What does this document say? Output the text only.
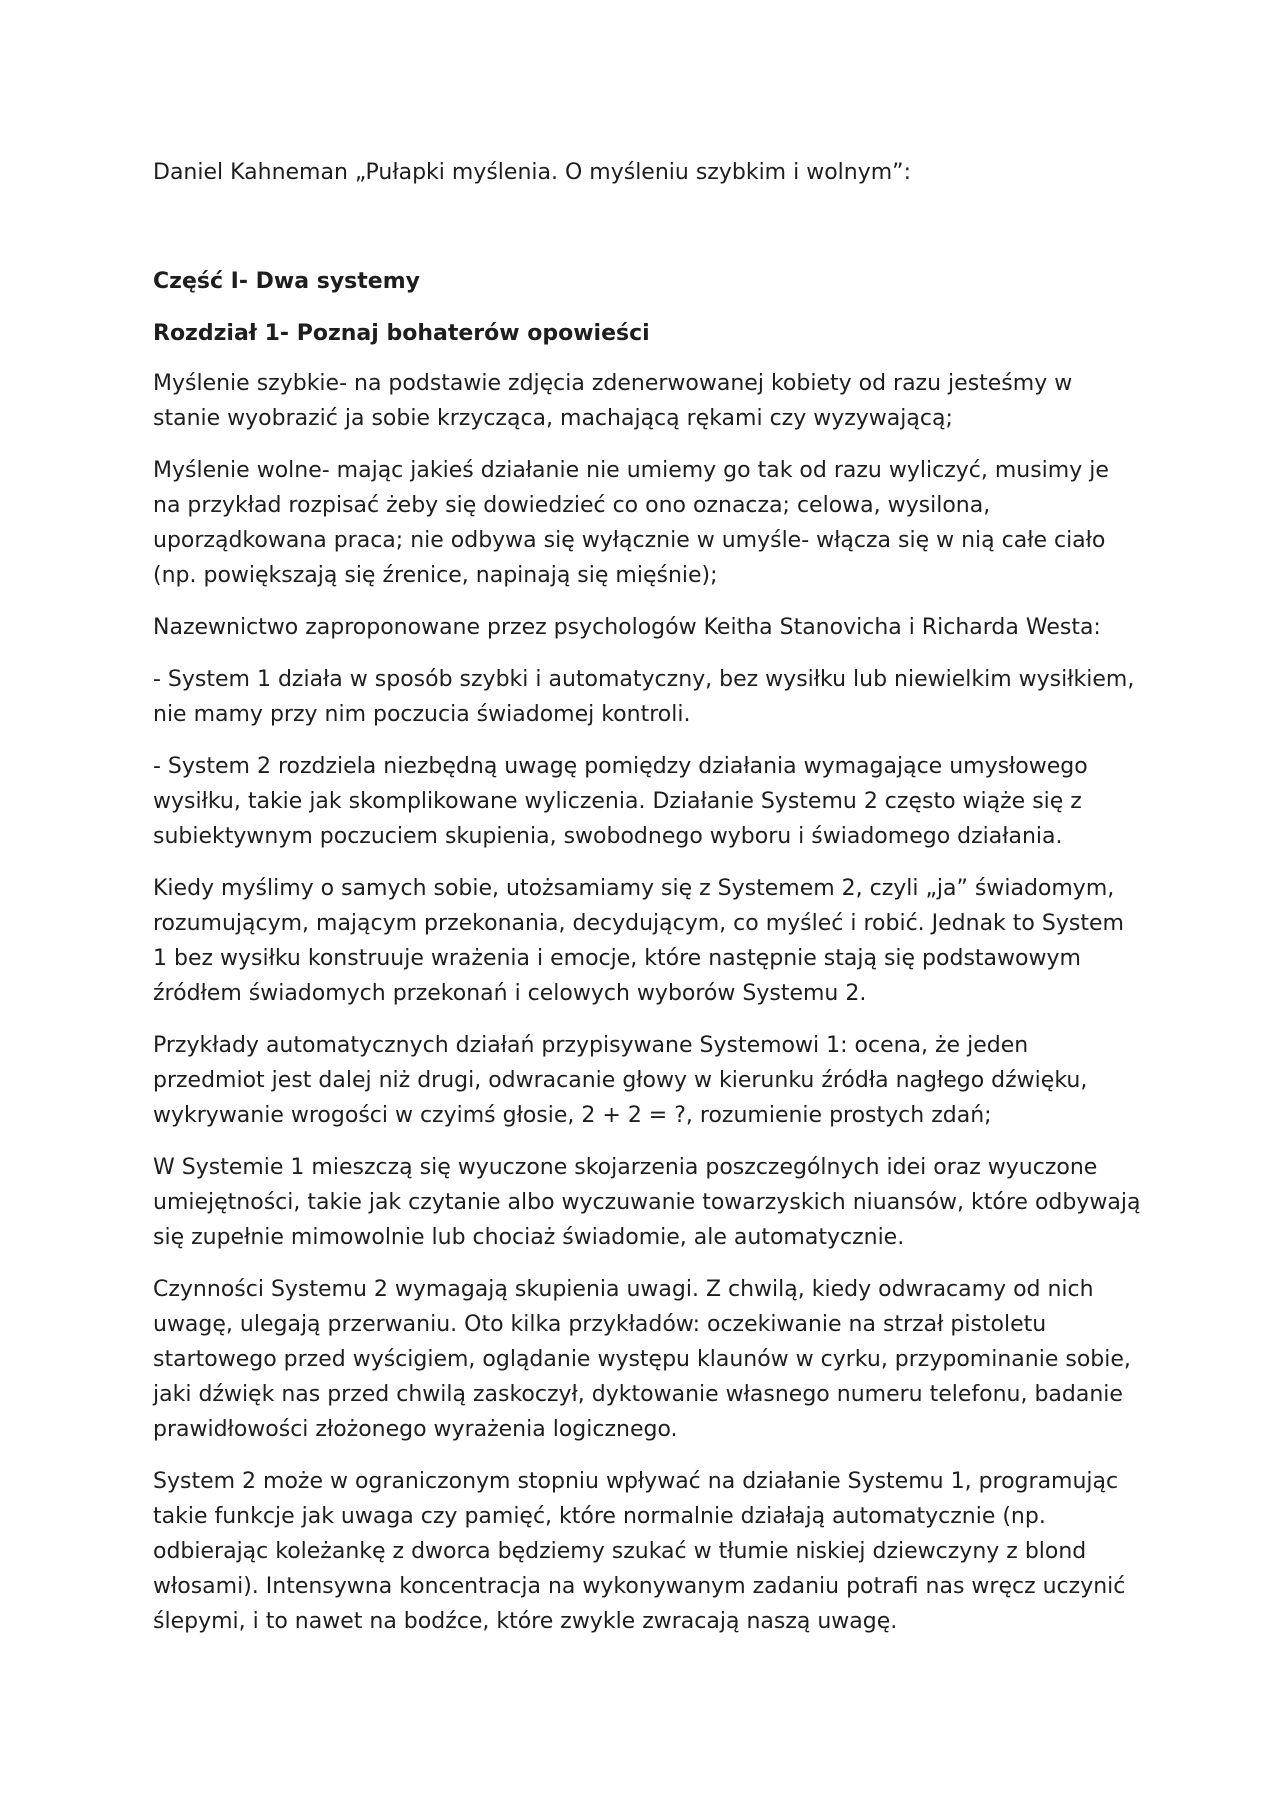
Daniel Kahneman „Pułapki myślenia. O myśleniu szybkim i wolnym”:

Część I- Dwa systemy

Rozdział 1- Poznaj bohaterów opowieści

Myślenie szybkie- na podstawie zdjęcia zdenerwowanej kobiety od razu jesteśmy w stanie wyobrazić ja sobie krzycząca, machającą rękami czy wyzywającą;

Myślenie wolne- mając jakieś działanie nie umiemy go tak od razu wyliczyć, musimy je na przykład rozpisać żeby się dowiedzieć co ono oznacza; celowa, wysilona, uporządkowana praca; nie odbywa się wyłącznie w umyśle- włącza się w nią całe ciało (np. powiększają się źrenice, napinają się mięśnie);

Nazewnictwo zaproponowane przez psychologów Keitha Stanovicha i Richarda Westa:

- System 1 działa w sposób szybki i automatyczny, bez wysiłku lub niewielkim wysiłkiem, nie mamy przy nim poczucia świadomej kontroli.

- System 2 rozdziela niezbędną uwagę pomiędzy działania wymagające umysłowego wysiłku, takie jak skomplikowane wyliczenia. Działanie Systemu 2 często wiąże się z subiektywnym poczuciem skupienia, swobodnego wyboru i świadomego działania.

Kiedy myślimy o samych sobie, utożsamiamy się z Systemem 2, czyli „ja” świadomym, rozumującym, mającym przekonania, decydującym, co myśleć i robić. Jednak to System 1 bez wysiłku konstruuje wrażenia i emocje, które następnie stają się podstawowym źródłem świadomych przekonań i celowych wyborów Systemu 2.

Przykłady automatycznych działań przypisywane Systemowi 1: ocena, że jeden przedmiot jest dalej niż drugi, odwracanie głowy w kierunku źródła nagłego dźwięku, wykrywanie wrogości w czyimś głosie, 2 + 2 = ?, rozumienie prostych zdań;

W Systemie 1 mieszczą się wyuczone skojarzenia poszczególnych idei oraz wyuczone umiejętności, takie jak czytanie albo wyczuwanie towarzyskich niuansów, które odbywają się zupełnie mimowolnie lub chociaż świadomie, ale automatycznie.

Czynności Systemu 2 wymagają skupienia uwagi. Z chwilą, kiedy odwracamy od nich uwagę, ulegają przerwaniu. Oto kilka przykładów: oczekiwanie na strzał pistoletu startowego przed wyścigiem, oglądanie występu klaunów w cyrku, przypominanie sobie, jaki dźwięk nas przed chwilą zaskoczył, dyktowanie własnego numeru telefonu, badanie prawidłowości złożonego wyrażenia logicznego.

System 2 może w ograniczonym stopniu wpływać na działanie Systemu 1, programując takie funkcje jak uwaga czy pamięć, które normalnie działają automatycznie (np. odbierając koleżankę z dworca będziemy szukać w tłumie niskiej dziewczyny z blond włosami). Intensywna koncentracja na wykonywanym zadaniu potrafi nas wręcz uczynić ślepymi, i to nawet na bodźce, które zwykle zwracają naszą uwagę.
